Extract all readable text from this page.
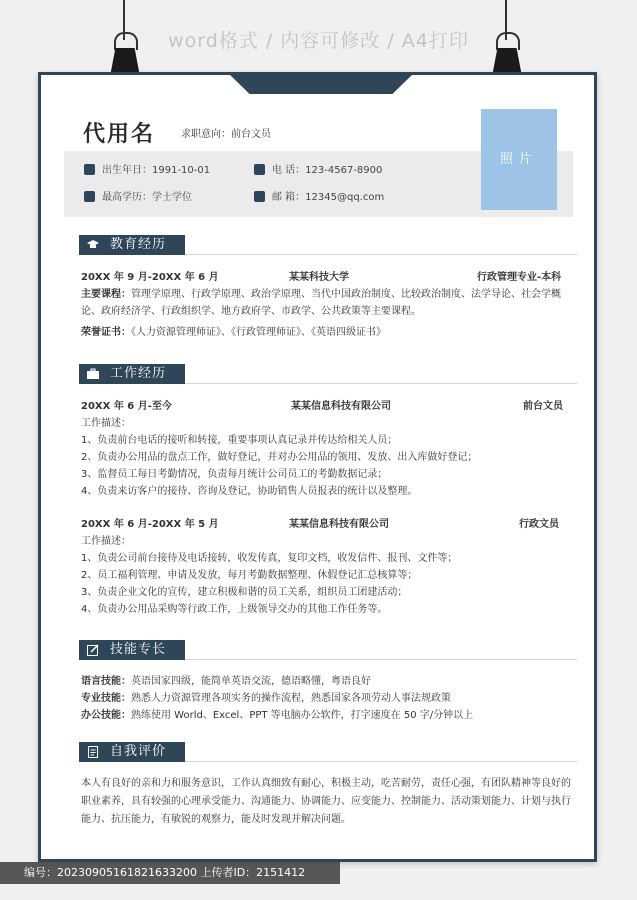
word格式 / 内容可修改 / A4打印
代用名	求职意向：前台文员
出生年日：1991-10-01	电 话：123-4567-8900
最高学历：学士学位	邮 箱：12345@qq.com
照片
教育经历
20XX 年 9 月-20XX 年 6 月	某某科技大学	行政管理专业-本科
主要课程：管理学原理、行政学原理、政治学原理、当代中国政治制度、比较政治制度、法学导论、社会学概论、政府经济学、行政组织学、地方政府学、市政学、公共政策等主要课程。
荣誉证书：《人力资源管理师证》、《行政管理师证》、《英语四级证书》
工作经历
20XX 年 6 月-至今	某某信息科技有限公司	前台文员
工作描述：
1、负责前台电话的接听和转接，重要事项认真记录并传达给相关人员；
2、负责办公用品的盘点工作，做好登记，并对办公用品的领用、发放、出入库做好登记；
3、监督员工每日考勤情况，负责每月统计公司员工的考勤数据记录；
4、负责来访客户的接待、咨询及登记，协助销售人员报表的统计以及整理。
20XX 年 6 月-20XX 年 5 月	某某信息科技有限公司	行政文员
工作描述：
1、负责公司前台接待及电话接转，收发传真，复印文档，收发信件、报刊、文件等；
2、员工福利管理、申请及发放，每月考勤数据整理、休假登记汇总核算等；
3、负责企业文化的宣传，建立积极和谐的员工关系，组织员工团建活动；
4、负责办公用品采购等行政工作，上级领导交办的其他工作任务等。
技能专长
语言技能：英语国家四级，能简单英语交流，德语略懂，粤语良好
专业技能：熟悉人力资源管理各项实务的操作流程，熟悉国家各项劳动人事法规政策
办公技能：熟练使用 World、Excel、PPT 等电脑办公软件，打字速度在 50 字/分钟以上
自我评价
本人有良好的亲和力和服务意识，工作认真细致有耐心，积极主动，吃苦耐劳，责任心强，有团队精神等良好的职业素养，具有较强的心理承受能力、沟通能力、协调能力、应变能力、控制能力、活动策划能力、计划与执行能力、抗压能力，有敏锐的观察力，能及时发现并解决问题。
编号：20230905161821633200 上传者ID：2151412
